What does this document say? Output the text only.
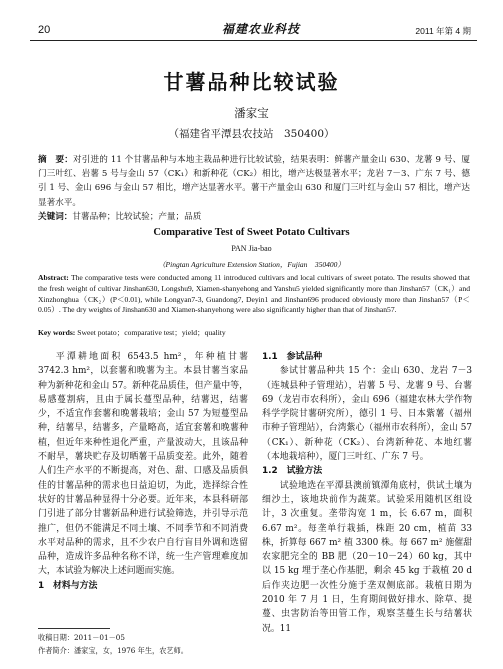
20	福建农业科技	2011 年第 4 期
甘薯品种比较试验
潘家宝
（福建省平潭县农技站　350400）

摘　要：对引进的 11 个甘薯品种与本地主栽品种进行比较试验，结果表明：鲜薯产量金山 630、龙薯 9 号、厦门三叶红、岩薯 5 号与金山 57（CK₁）和新种花（CK₂）相比，增产达极显著水平；龙岩 7－3、广东 7 号、德引 1 号、金山 696 与金山 57 相比，增产达显著水平。薯干产量金山 630 和厦门三叶红与金山 57 相比，增产达显著水平。

关键词：甘薯品种；比较试验；产量；品质

Comparative Test of Sweet Potato Cultivars
PAN Jia-bao
（Pingtan Agriculture Extension Station，Fujian　350400）
Abstract: The comparative tests were conducted among 11 introduced cultivars and local cultivars of sweet potato. The results showed that the fresh weight of cultivar Jinshan630, Longshu9, Xiamen-shanyehong and Yanshu5 yielded significantly more than Jinshan57（CK₁）and Xinzhonghua（CK₂）(P＜0.01), while Longyan7-3, Guandong7, Deyin1 and Jinshan696 produced obviously more than Jinshan57（P＜0.05）. The dry weights of Jinshan630 and Xiamen-shanyehong were also significantly higher than that of Jinshan57.
Key words: Sweet potato；comparative test；yield；quality

平潭耕地面积 6543.5 hm²，年种植甘薯 3742.3 hm²，以套薯和晚薯为主。本县甘薯当家品种为新种花和金山 57。新种花品质佳，但产量中等，易感蔓割病，且由于属长蔓型品种，结薯迟，结薯少，不适宜作套薯和晚薯栽培；金山 57 为短蔓型品种，结薯早，结薯多，产量略高，适宜套薯和晚薯种植，但近年来种性退化严重，产量波动大，且该品种不耐旱，薯块贮存及切晒薯干品质变差。此外，随着人们生产水平的不断提高，对色、甜、口感及品质俱佳的甘薯品种的需求也日益迫切，为此，选择综合性状好的甘薯品种显得十分必要。近年来，本县科研部门引进了部分甘薯新品种进行试验筛选，并引导示范推广，但仍不能满足不同土壤、不同季节和不同消费水平对品种的需求，且不少农户自行盲目外调和选留品种，造成许多品种名称不详，统一生产管理难度加大，本试验为解决上述问题而实施。

1　材料与方法

1.1　参试品种

参试甘薯品种共 15 个：金山 630、龙岩 7－3（连城县种子管理站），岩薯 5 号、龙薯 9 号、台薯 69（龙岩市农科所），金山 696（福建农林大学作物科学学院甘薯研究所），德引 1 号、日本紫薯（福州市种子管理站），台湾紫心（福州市农科所），金山 57（CK₁）、新种花（CK₂）、台湾新种花、本地红薯（本地栽培种），厦门三叶红、广东 7 号。

1.2　试验方法

试验地选在平潭县澳前镇潭角底村，供试土壤为细沙土，该地块前作为蔬菜。试验采用随机区组设计，3 次重复。垄带沟宽 1 m，长 6.67 m，面积 6.67 m²。每垄单行栽插，株距 20 cm，植苗 33 株，折算每 667 m² 植 3300 株。每 667 m² 施催甜农家肥完全的 BB 肥（20－10－24）60 kg，其中以 15 kg 埋于垄心作基肥，剩余 45 kg 于栽植 20 d 后作夹边肥一次性分施于垄双侧底部。栽植日期为 2010 年 7 月 1 日，生育期间做好排水、除草、提蔓、虫害防治等田管工作，观察茎蔓生长与结薯状况。11

收稿日期：2011－01－05
作者简介：潘家宝，女，1976 年生，农艺师。
